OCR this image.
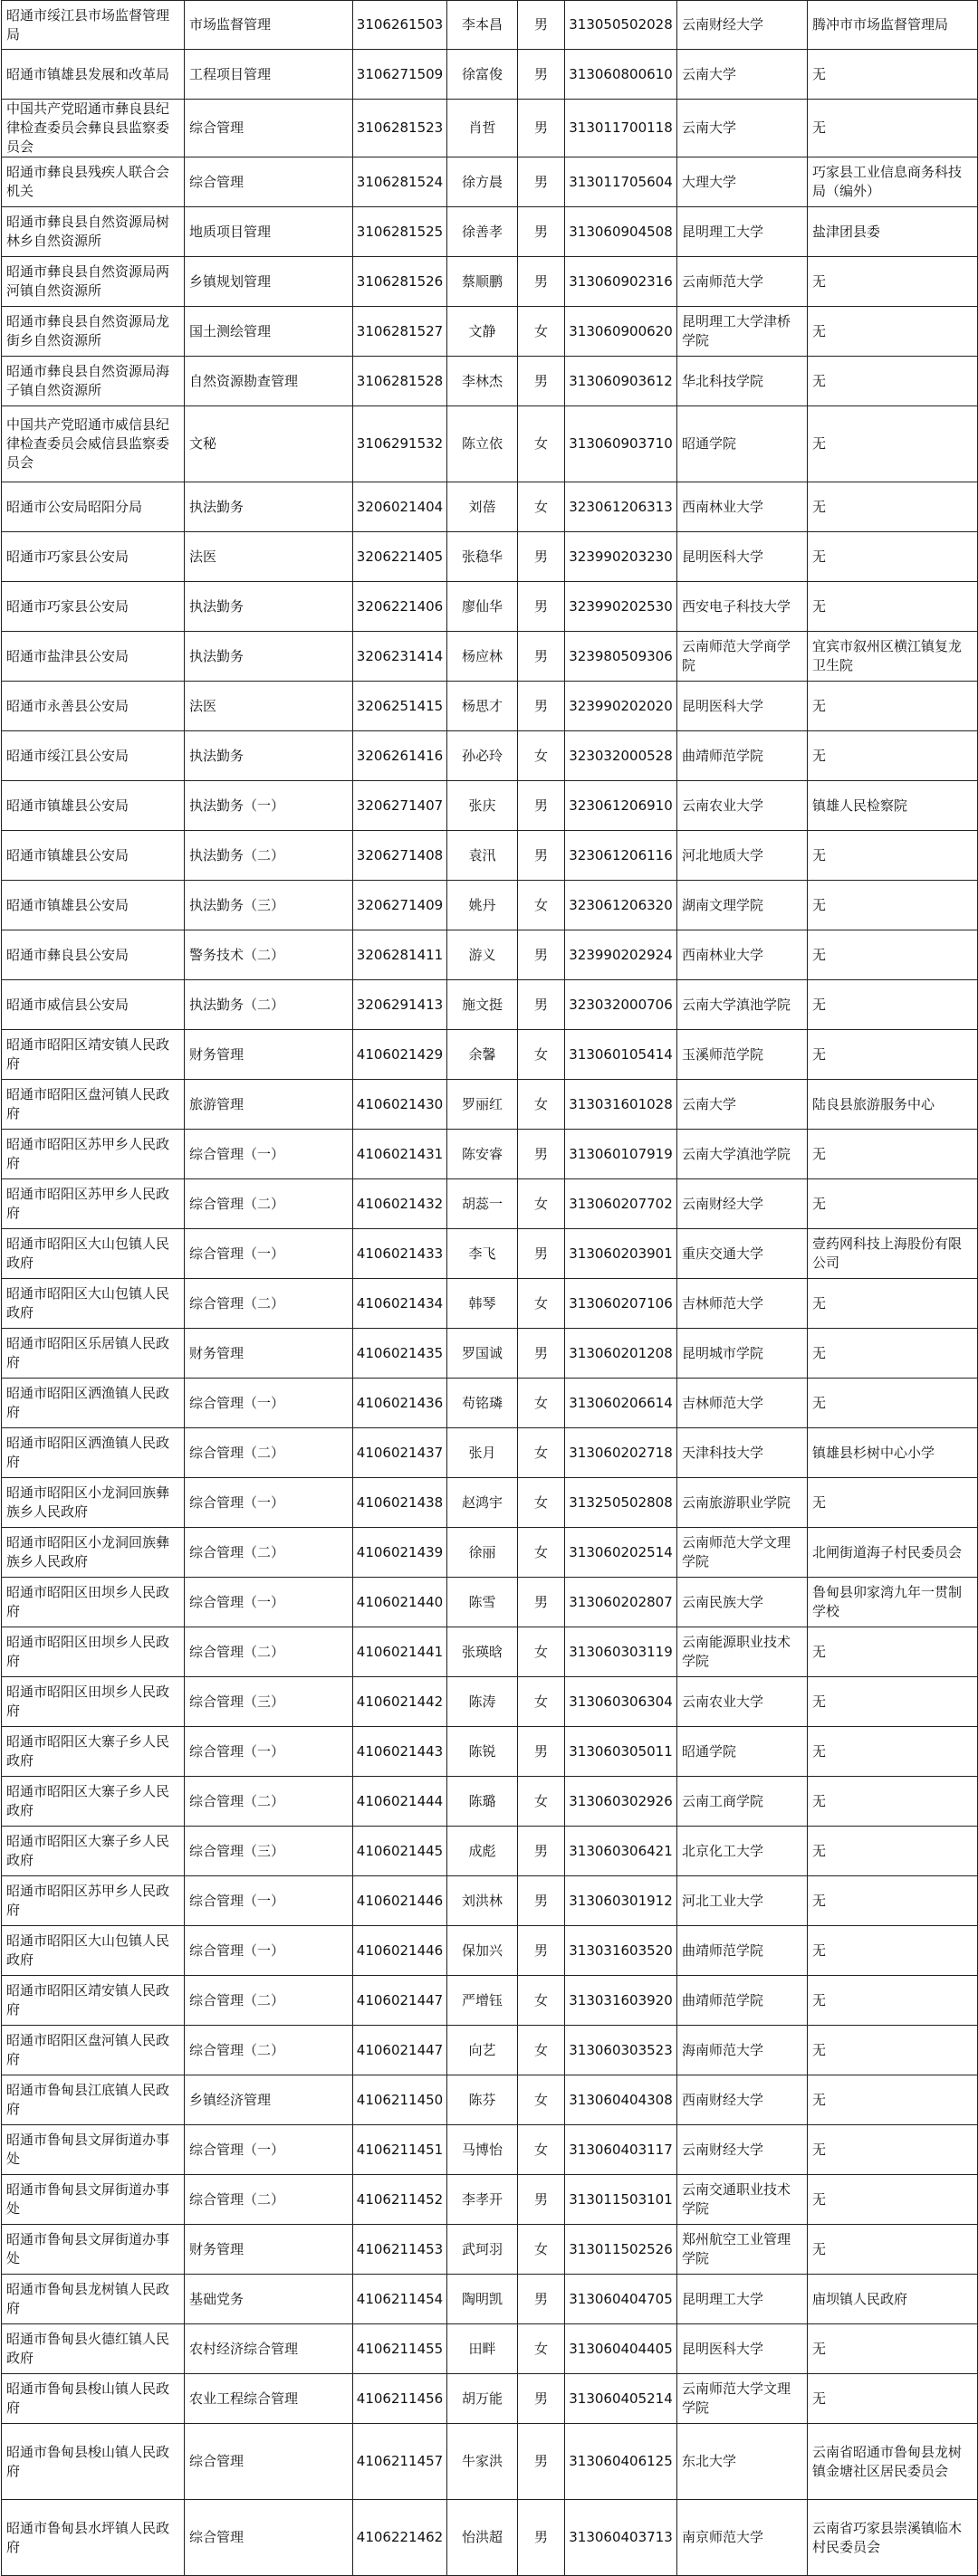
昭通市绥江县市场监督管理局	市场监督管理	3106261503	李本昌	男	313050502028	云南财经大学	腾冲市市场监督管理局
昭通市镇雄县发展和改革局	工程项目管理	3106271509	徐富俊	男	313060800610	云南大学	无
中国共产党昭通市彝良县纪律检查委员会彝良县监察委员会	综合管理	3106281523	肖哲	男	313011700118	云南大学	无
昭通市彝良县残疾人联合会机关	综合管理	3106281524	徐方晨	男	313011705604	大理大学	巧家县工业信息商务科技局（编外）
昭通市彝良县自然资源局树林乡自然资源所	地质项目管理	3106281525	徐善孝	男	313060904508	昆明理工大学	盐津团县委
昭通市彝良县自然资源局两河镇自然资源所	乡镇规划管理	3106281526	蔡顺鹏	男	313060902316	云南师范大学	无
昭通市彝良县自然资源局龙街乡自然资源所	国土测绘管理	3106281527	文静	女	313060900620	昆明理工大学津桥学院	无
昭通市彝良县自然资源局海子镇自然资源所	自然资源勘查管理	3106281528	李林杰	男	313060903612	华北科技学院	无
中国共产党昭通市威信县纪律检查委员会威信县监察委员会	文秘	3106291532	陈立依	女	313060903710	昭通学院	无
昭通市公安局昭阳分局	执法勤务	3206021404	刘蓓	女	323061206313	西南林业大学	无
昭通市巧家县公安局	法医	3206221405	张稳华	男	323990203230	昆明医科大学	无
昭通市巧家县公安局	执法勤务	3206221406	廖仙华	男	323990202530	西安电子科技大学	无
昭通市盐津县公安局	执法勤务	3206231414	杨应林	男	323980509306	云南师范大学商学院	宜宾市叙州区横江镇复龙卫生院
昭通市永善县公安局	法医	3206251415	杨思才	男	323990202020	昆明医科大学	无
昭通市绥江县公安局	执法勤务	3206261416	孙必玲	女	323032000528	曲靖师范学院	无
昭通市镇雄县公安局	执法勤务（一）	3206271407	张庆	男	323061206910	云南农业大学	镇雄人民检察院
昭通市镇雄县公安局	执法勤务（二）	3206271408	袁汛	男	323061206116	河北地质大学	无
昭通市镇雄县公安局	执法勤务（三）	3206271409	姚丹	女	323061206320	湖南文理学院	无
昭通市彝良县公安局	警务技术（二）	3206281411	游义	男	323990202924	西南林业大学	无
昭通市威信县公安局	执法勤务（二）	3206291413	施文挺	男	323032000706	云南大学滇池学院	无
昭通市昭阳区靖安镇人民政府	财务管理	4106021429	余馨	女	313060105414	玉溪师范学院	无
昭通市昭阳区盘河镇人民政府	旅游管理	4106021430	罗丽红	女	313031601028	云南大学	陆良县旅游服务中心
昭通市昭阳区苏甲乡人民政府	综合管理（一）	4106021431	陈安睿	男	313060107919	云南大学滇池学院	无
昭通市昭阳区苏甲乡人民政府	综合管理（二）	4106021432	胡蕊一	女	313060207702	云南财经大学	无
昭通市昭阳区大山包镇人民政府	综合管理（一）	4106021433	李飞	男	313060203901	重庆交通大学	壹药网科技上海股份有限公司
昭通市昭阳区大山包镇人民政府	综合管理（二）	4106021434	韩琴	女	313060207106	吉林师范大学	无
昭通市昭阳区乐居镇人民政府	财务管理	4106021435	罗国诚	男	313060201208	昆明城市学院	无
昭通市昭阳区洒渔镇人民政府	综合管理（一）	4106021436	苟铭璘	女	313060206614	吉林师范大学	无
昭通市昭阳区洒渔镇人民政府	综合管理（二）	4106021437	张月	女	313060202718	天津科技大学	镇雄县杉树中心小学
昭通市昭阳区小龙洞回族彝族乡人民政府	综合管理（一）	4106021438	赵鸿宇	女	313250502808	云南旅游职业学院	无
昭通市昭阳区小龙洞回族彝族乡人民政府	综合管理（二）	4106021439	徐丽	女	313060202514	云南师范大学文理学院	北闸街道海子村民委员会
昭通市昭阳区田坝乡人民政府	综合管理（一）	4106021440	陈雪	男	313060202807	云南民族大学	鲁甸县卯家湾九年一贯制学校
昭通市昭阳区田坝乡人民政府	综合管理（二）	4106021441	张瑛晗	女	313060303119	云南能源职业技术学院	无
昭通市昭阳区田坝乡人民政府	综合管理（三）	4106021442	陈涛	女	313060306304	云南农业大学	无
昭通市昭阳区大寨子乡人民政府	综合管理（一）	4106021443	陈锐	男	313060305011	昭通学院	无
昭通市昭阳区大寨子乡人民政府	综合管理（二）	4106021444	陈璐	女	313060302926	云南工商学院	无
昭通市昭阳区大寨子乡人民政府	综合管理（三）	4106021445	成彪	男	313060306421	北京化工大学	无
昭通市昭阳区苏甲乡人民政府	综合管理（一）	4106021446	刘洪林	男	313060301912	河北工业大学	无
昭通市昭阳区大山包镇人民政府	综合管理（一）	4106021446	保加兴	男	313031603520	曲靖师范学院	无
昭通市昭阳区靖安镇人民政府	综合管理（二）	4106021447	严增钰	女	313031603920	曲靖师范学院	无
昭通市昭阳区盘河镇人民政府	综合管理（二）	4106021447	向艺	女	313060303523	海南师范大学	无
昭通市鲁甸县江底镇人民政府	乡镇经济管理	4106211450	陈芬	女	313060404308	西南财经大学	无
昭通市鲁甸县文屏街道办事处	综合管理（一）	4106211451	马博怡	女	313060403117	云南财经大学	无
昭通市鲁甸县文屏街道办事处	综合管理（二）	4106211452	李孝开	男	313011503101	云南交通职业技术学院	无
昭通市鲁甸县文屏街道办事处	财务管理	4106211453	武珂羽	女	313011502526	郑州航空工业管理学院	无
昭通市鲁甸县龙树镇人民政府	基础党务	4106211454	陶明凯	男	313060404705	昆明理工大学	庙坝镇人民政府
昭通市鲁甸县火德红镇人民政府	农村经济综合管理	4106211455	田畔	女	313060404405	昆明医科大学	无
昭通市鲁甸县梭山镇人民政府	农业工程综合管理	4106211456	胡万能	男	313060405214	云南师范大学文理学院	无
昭通市鲁甸县梭山镇人民政府	综合管理	4106211457	牛家洪	男	313060406125	东北大学	云南省昭通市鲁甸县龙树镇金塘社区居民委员会
昭通市鲁甸县水坪镇人民政府	综合管理	4106221462	怡洪超	男	313060403713	南京师范大学	云南省巧家县崇溪镇临木村民委员会
